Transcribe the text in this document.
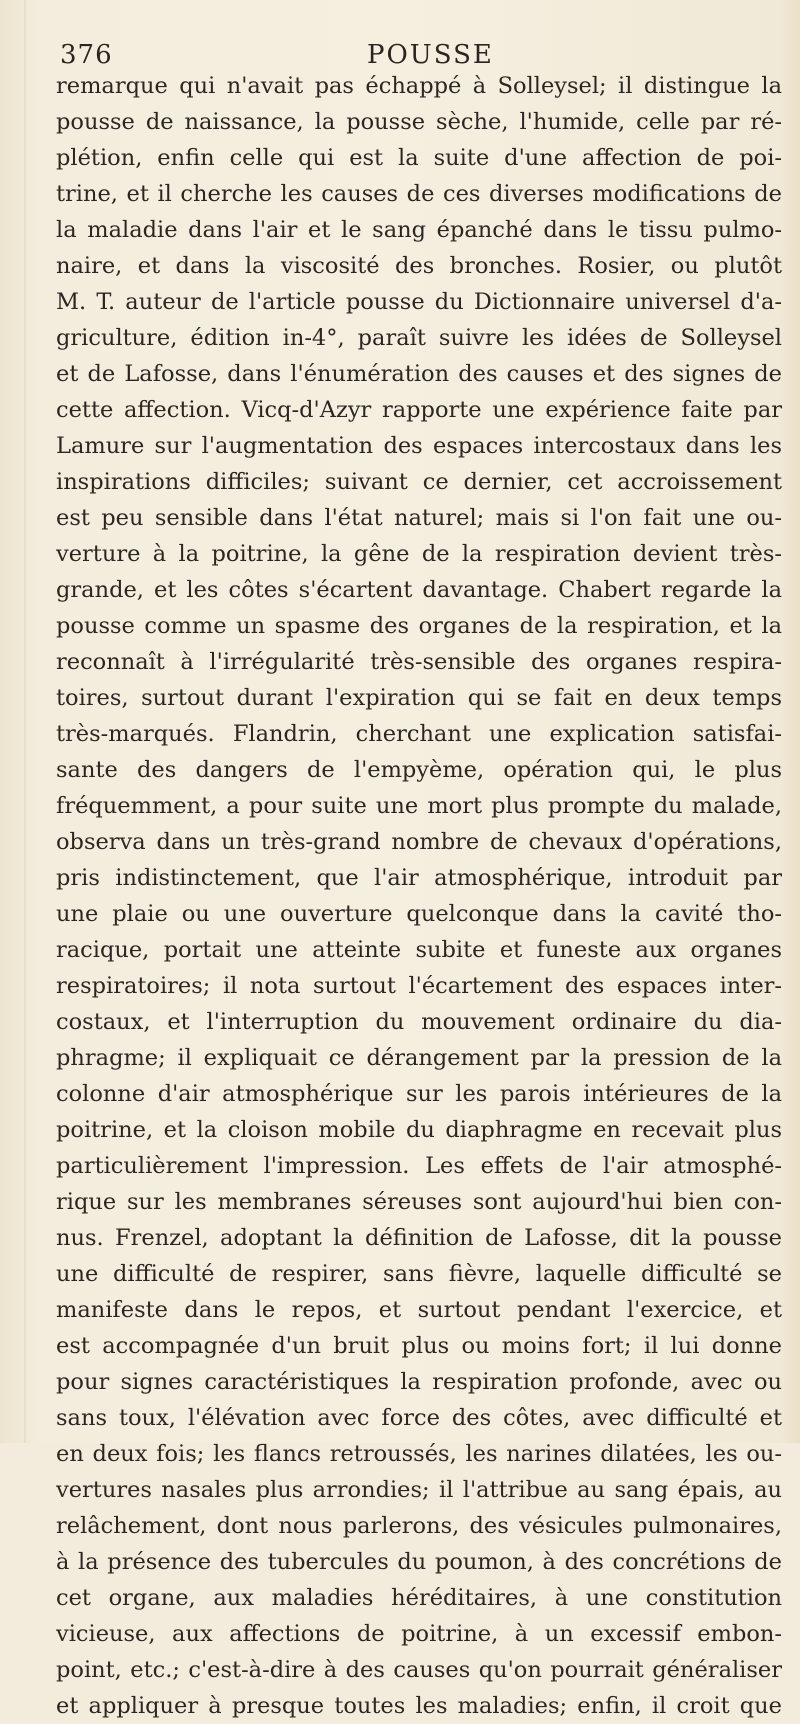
376	POUSSE
remarque qui n'avait pas échappé à Solleysel; il distingue la
pousse de naissance, la pousse sèche, l'humide, celle par ré-
plétion, enfin celle qui est la suite d'une affection de poi-
trine, et il cherche les causes de ces diverses modifications de
la maladie dans l'air et le sang épanché dans le tissu pulmo-
naire, et dans la viscosité des bronches. Rosier, ou plutôt
M. T. auteur de l'article pousse du Dictionnaire universel d'a-
griculture, édition in-4°, paraît suivre les idées de Solleysel
et de Lafosse, dans l'énumération des causes et des signes de
cette affection. Vicq-d'Azyr rapporte une expérience faite par
Lamure sur l'augmentation des espaces intercostaux dans les
inspirations difficiles; suivant ce dernier, cet accroissement
est peu sensible dans l'état naturel; mais si l'on fait une ou-
verture à la poitrine, la gêne de la respiration devient très-
grande, et les côtes s'écartent davantage. Chabert regarde la
pousse comme un spasme des organes de la respiration, et la
reconnaît à l'irrégularité très-sensible des organes respira-
toires, surtout durant l'expiration qui se fait en deux temps
très-marqués. Flandrin, cherchant une explication satisfai-
sante des dangers de l'empyème, opération qui, le plus
fréquemment, a pour suite une mort plus prompte du malade,
observa dans un très-grand nombre de chevaux d'opérations,
pris indistinctement, que l'air atmosphérique, introduit par
une plaie ou une ouverture quelconque dans la cavité tho-
racique, portait une atteinte subite et funeste aux organes
respiratoires; il nota surtout l'écartement des espaces inter-
costaux, et l'interruption du mouvement ordinaire du dia-
phragme; il expliquait ce dérangement par la pression de la
colonne d'air atmosphérique sur les parois intérieures de la
poitrine, et la cloison mobile du diaphragme en recevait plus
particulièrement l'impression. Les effets de l'air atmosphé-
rique sur les membranes séreuses sont aujourd'hui bien con-
nus. Frenzel, adoptant la définition de Lafosse, dit la pousse
une difficulté de respirer, sans fièvre, laquelle difficulté se
manifeste dans le repos, et surtout pendant l'exercice, et
est accompagnée d'un bruit plus ou moins fort; il lui donne
pour signes caractéristiques la respiration profonde, avec ou
sans toux, l'élévation avec force des côtes, avec difficulté et
en deux fois; les flancs retroussés, les narines dilatées, les ou-
vertures nasales plus arrondies; il l'attribue au sang épais, au
relâchement, dont nous parlerons, des vésicules pulmonaires,
à la présence des tubercules du poumon, à des concrétions de
cet organe, aux maladies héréditaires, à une constitution
vicieuse, aux affections de poitrine, à un excessif embon-
point, etc.; c'est-à-dire à des causes qu'on pourrait généraliser
et appliquer à presque toutes les maladies; enfin, il croit que
